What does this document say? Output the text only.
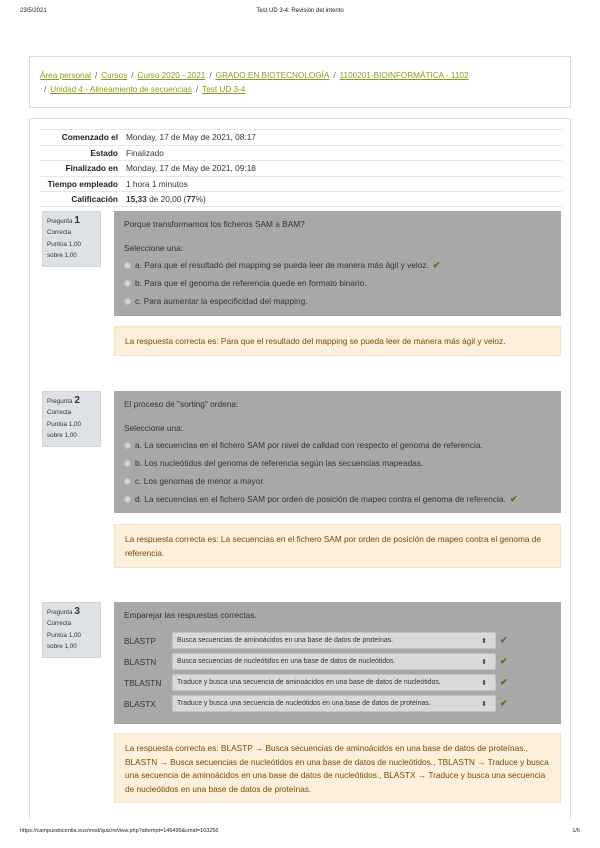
23/5/2021	Test UD 3-4: Revisión del intento
Área personal / Cursos / Curso 2020 - 2021 / GRADO EN BIOTECNOLOGÍA / 1100201-BIOINFORMÁTICA - 1102
/ Unidad 4 - Alineamiento de secuencias / Test UD 3-4
Comenzado el Monday, 17 de May de 2021, 08:17
Estado Finalizado
Finalizado en Monday, 17 de May de 2021, 09:18
Tiempo empleado 1 hora 1 minutos
Calificación 15,33 de 20,00 (77%)
Pregunta 1
Correcta
Puntúa 1,00 sobre 1,00
Porque transformamos los ficheros SAM a BAM?
Seleccione una:
a. Para que el resultado del mapping se pueda leer de manera más ágil y veloz. ✔
b. Para que el genoma de referencia quede en formato binario.
c. Para aumentar la especificidad del mapping.
La respuesta correcta es: Para que el resultado del mapping se pueda leer de manera más ágil y veloz.
Pregunta 2
Correcta
Puntúa 1,00 sobre 1,00
El proceso de "sorting" ordena:
Seleccione una:
a. La secuencias en el fichero SAM por nivel de calidad con respecto el genoma de referencia.
b. Los nucleótidos del genoma de referencia según las secuencias mapeadas.
c. Los genomas de menor a mayor.
d. La secuencias en el fichero SAM por orden de posición de mapeo contra el genoma de referencia. ✔
La respuesta correcta es: La secuencias en el fichero SAM por orden de posición de mapeo contra el genoma de referencia.
Pregunta 3
Correcta
Puntúa 1,00 sobre 1,00
Emparejar las respuestas correctas.
BLASTP	Busca secuencias de aminoácidos en una base de datos de proteínas.	⬍ ✔
BLASTN	Busca secuencias de nucleótidos en una base de datos de nucleótidos.	⬍ ✔
TBLASTN	Traduce y busca una secuencia de aminoácidos en una base de datos de nucleótidos.	⬍ ✔
BLASTX	Traduce y busca una secuencia de nucleótidos en una base de datos de proteínas.	⬍ ✔
La respuesta correcta es: BLASTP → Busca secuencias de aminoácidos en una base de datos de proteínas., BLASTN → Busca secuencias de nucleótidos en una base de datos de nucleótidos., TBLASTN → Traduce y busca una secuencia de aminoácidos en una base de datos de nucleótidos., BLASTX → Traduce y busca una secuencia de nucleótidos en una base de datos de proteínas.
https://campusdocentia.eus/mod/quiz/review.php?attempt=146495&cmid=163256	1/6
